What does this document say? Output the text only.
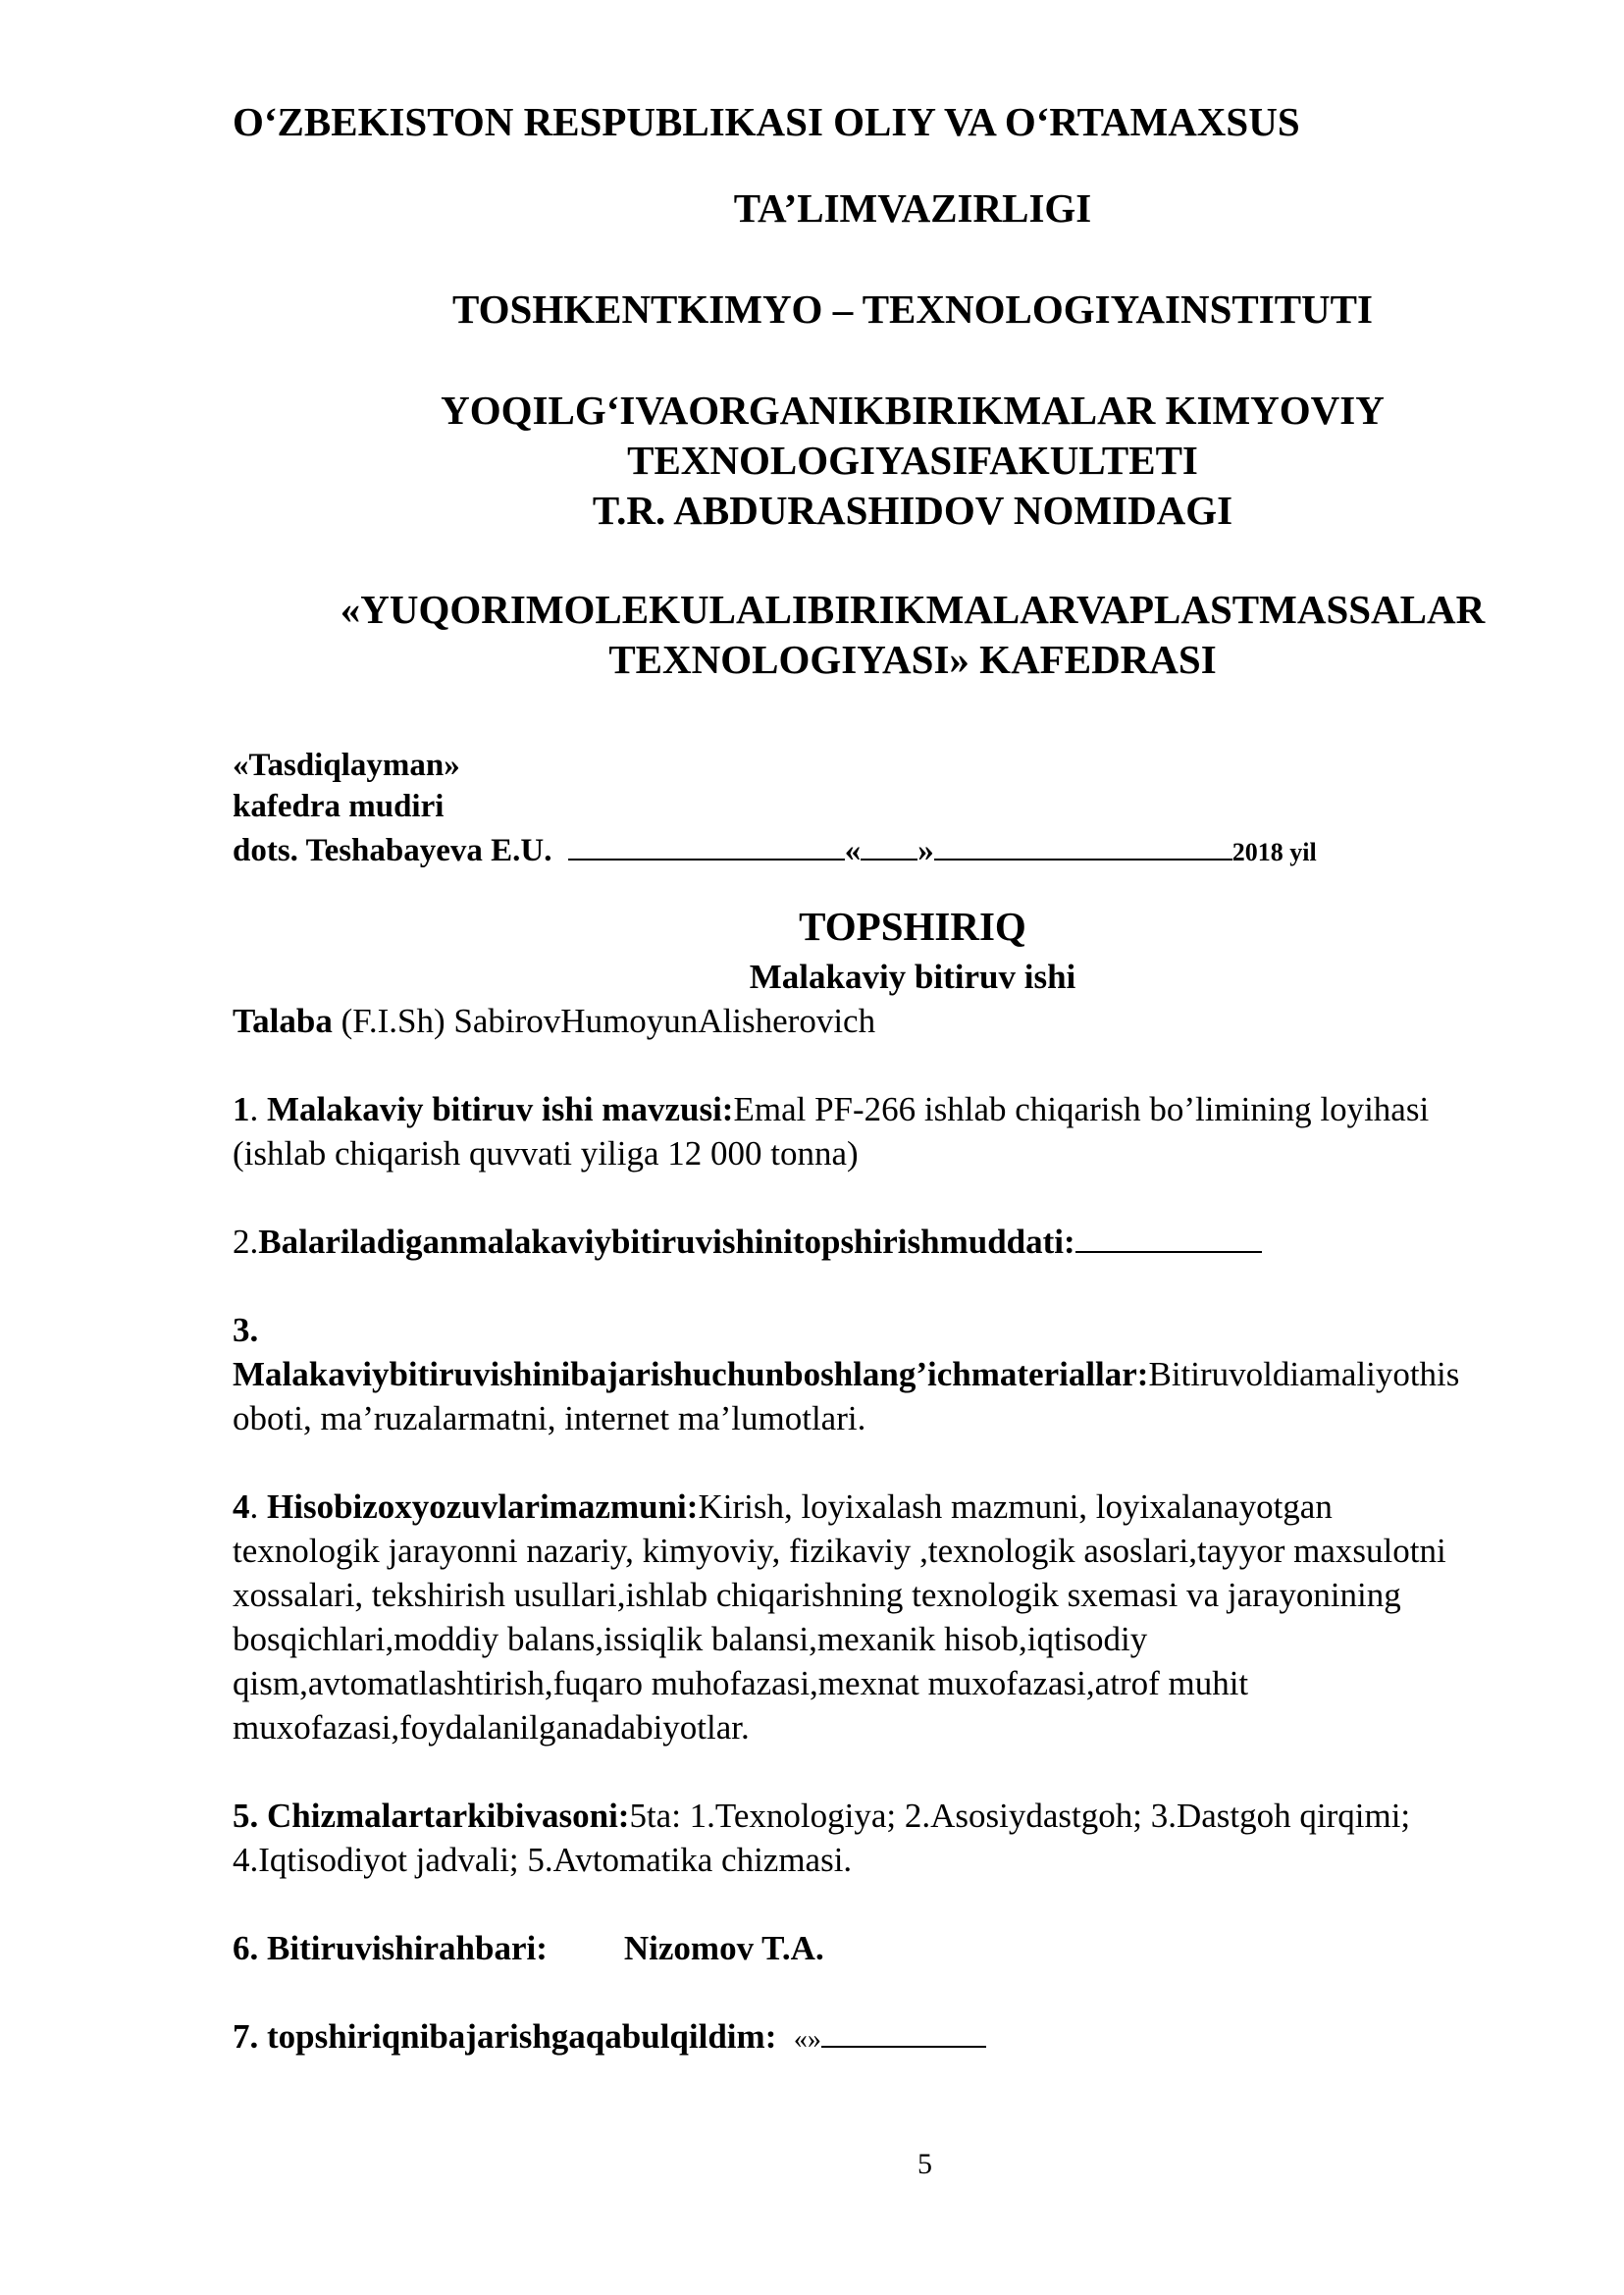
O‘ZBEKISTON RESPUBLIKASI OLIY VA O‘RTAMAXSUS
TA’LIMVAZIRLIGI
TOSHKENTKIMYO – TEXNOLOGIYAINSTITUTI
YOQILG‘IVAORGANIKBIRIKMALAR KIMYOVIY
TEXNOLOGIYASIFAKULTETI
T.R. ABDURASHIDOV NOMIDAGI
«YUQORIMOLEKULALIBIRIKMALARVAPLASTMASSALAR
TEXNOLOGIYASI» KAFEDRASI
«Tasdiqlayman»
kafedra mudiri
dots. Teshabayeva E.U.	« »	2018 yil
TOPSHIRIQ
Malakaviy bitiruv ishi
Talaba (F.I.Sh) SabirovHumoyunAlisherovich
1. Malakaviy bitiruv ishi mavzusi:Emal PF-266 ishlab chiqarish bo’limining loyihasi
(ishlab chiqarish quvvati yiliga 12 000 tonna)
2.Balariladiganmalakaviybitiruvishinitopshirishmuddati:
3.
Malakaviybitiruvishinibajarishuchunboshlang’ichmateriallar:Bitiruvoldiamaliyothis
oboti, ma’ruzalarmatni, internet ma’lumotlari.
4. Hisobizoxyozuvlarimazmuni:Kirish, loyixalash mazmuni, loyixalanayotgan
texnologik jarayonni nazariy, kimyoviy, fizikaviy ,texnologik asoslari,tayyor maxsulotni
xossalari, tekshirish usullari,ishlab chiqarishning texnologik sxemasi va jarayonining
bosqichlari,moddiy balans,issiqlik balansi,mexanik hisob,iqtisodiy
qism,avtomatlashtirish,fuqaro muhofazasi,mexnat muxofazasi,atrof muhit
muxofazasi,foydalanilganadabiyotlar.
5. Chizmalartarkibivasoni:5ta: 1.Texnologiya; 2.Asosiydastgoh; 3.Dastgoh qirqimi;
4.Iqtisodiyot jadvali; 5.Avtomatika chizmasi.
6. Bitiruvishirahbari: Nizomov T.A.
7. topshiriqnibajarishgaqabulqildim: «»
5
